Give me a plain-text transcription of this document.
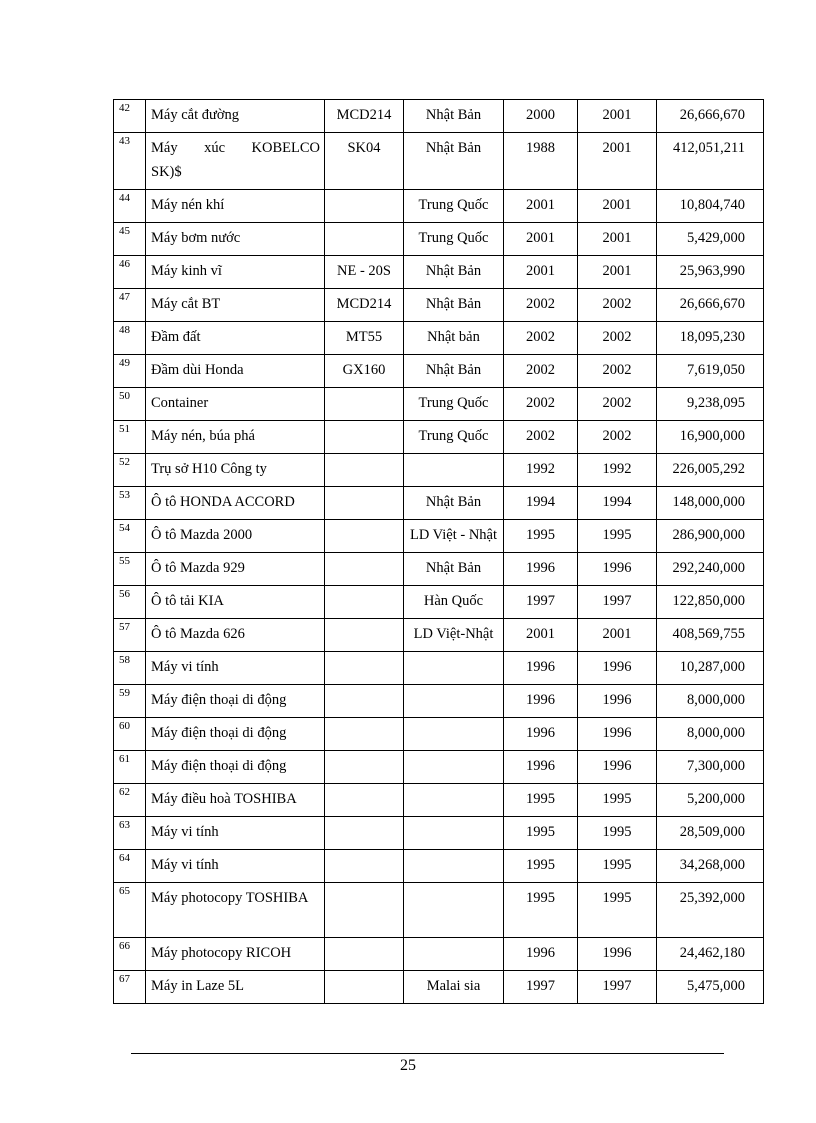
42	Máy cắt đường	MCD214	Nhật Bản	2000	2001	26,666,670
43	Máy xúc KOBELCO
SK)$	SK04	Nhật Bản	1988	2001	412,051,211
44	Máy nén khí		Trung Quốc	2001	2001	10,804,740
45	Máy bơm nước		Trung Quốc	2001	2001	5,429,000
46	Máy kinh vĩ	NE - 20S	Nhật Bản	2001	2001	25,963,990
47	Máy cắt BT	MCD214	Nhật Bản	2002	2002	26,666,670
48	Đầm đất	MT55	Nhật bản	2002	2002	18,095,230
49	Đầm dùi Honda	GX160	Nhật Bản	2002	2002	7,619,050
50	Container		Trung Quốc	2002	2002	9,238,095
51	Máy nén, búa phá		Trung Quốc	2002	2002	16,900,000
52	Trụ sở H10 Công ty			1992	1992	226,005,292
53	Ô tô HONDA ACCORD		Nhật Bản	1994	1994	148,000,000
54	Ô tô Mazda 2000		LD Việt - Nhật	1995	1995	286,900,000
55	Ô tô Mazda 929		Nhật Bản	1996	1996	292,240,000
56	Ô tô tải KIA		Hàn Quốc	1997	1997	122,850,000
57	Ô tô Mazda 626		LD Việt-Nhật	2001	2001	408,569,755
58	Máy vi tính			1996	1996	10,287,000
59	Máy điện thoại di động			1996	1996	8,000,000
60	Máy điện thoại di động			1996	1996	8,000,000
61	Máy điện thoại di động			1996	1996	7,300,000
62	Máy điều hoà TOSHIBA			1995	1995	5,200,000
63	Máy vi tính			1995	1995	28,509,000
64	Máy vi tính			1995	1995	34,268,000
65	Máy photocopy TOSHIBA			1995	1995	25,392,000
66	Máy photocopy RICOH			1996	1996	24,462,180
67	Máy in Laze 5L		Malai sia	1997	1997	5,475,000
25
